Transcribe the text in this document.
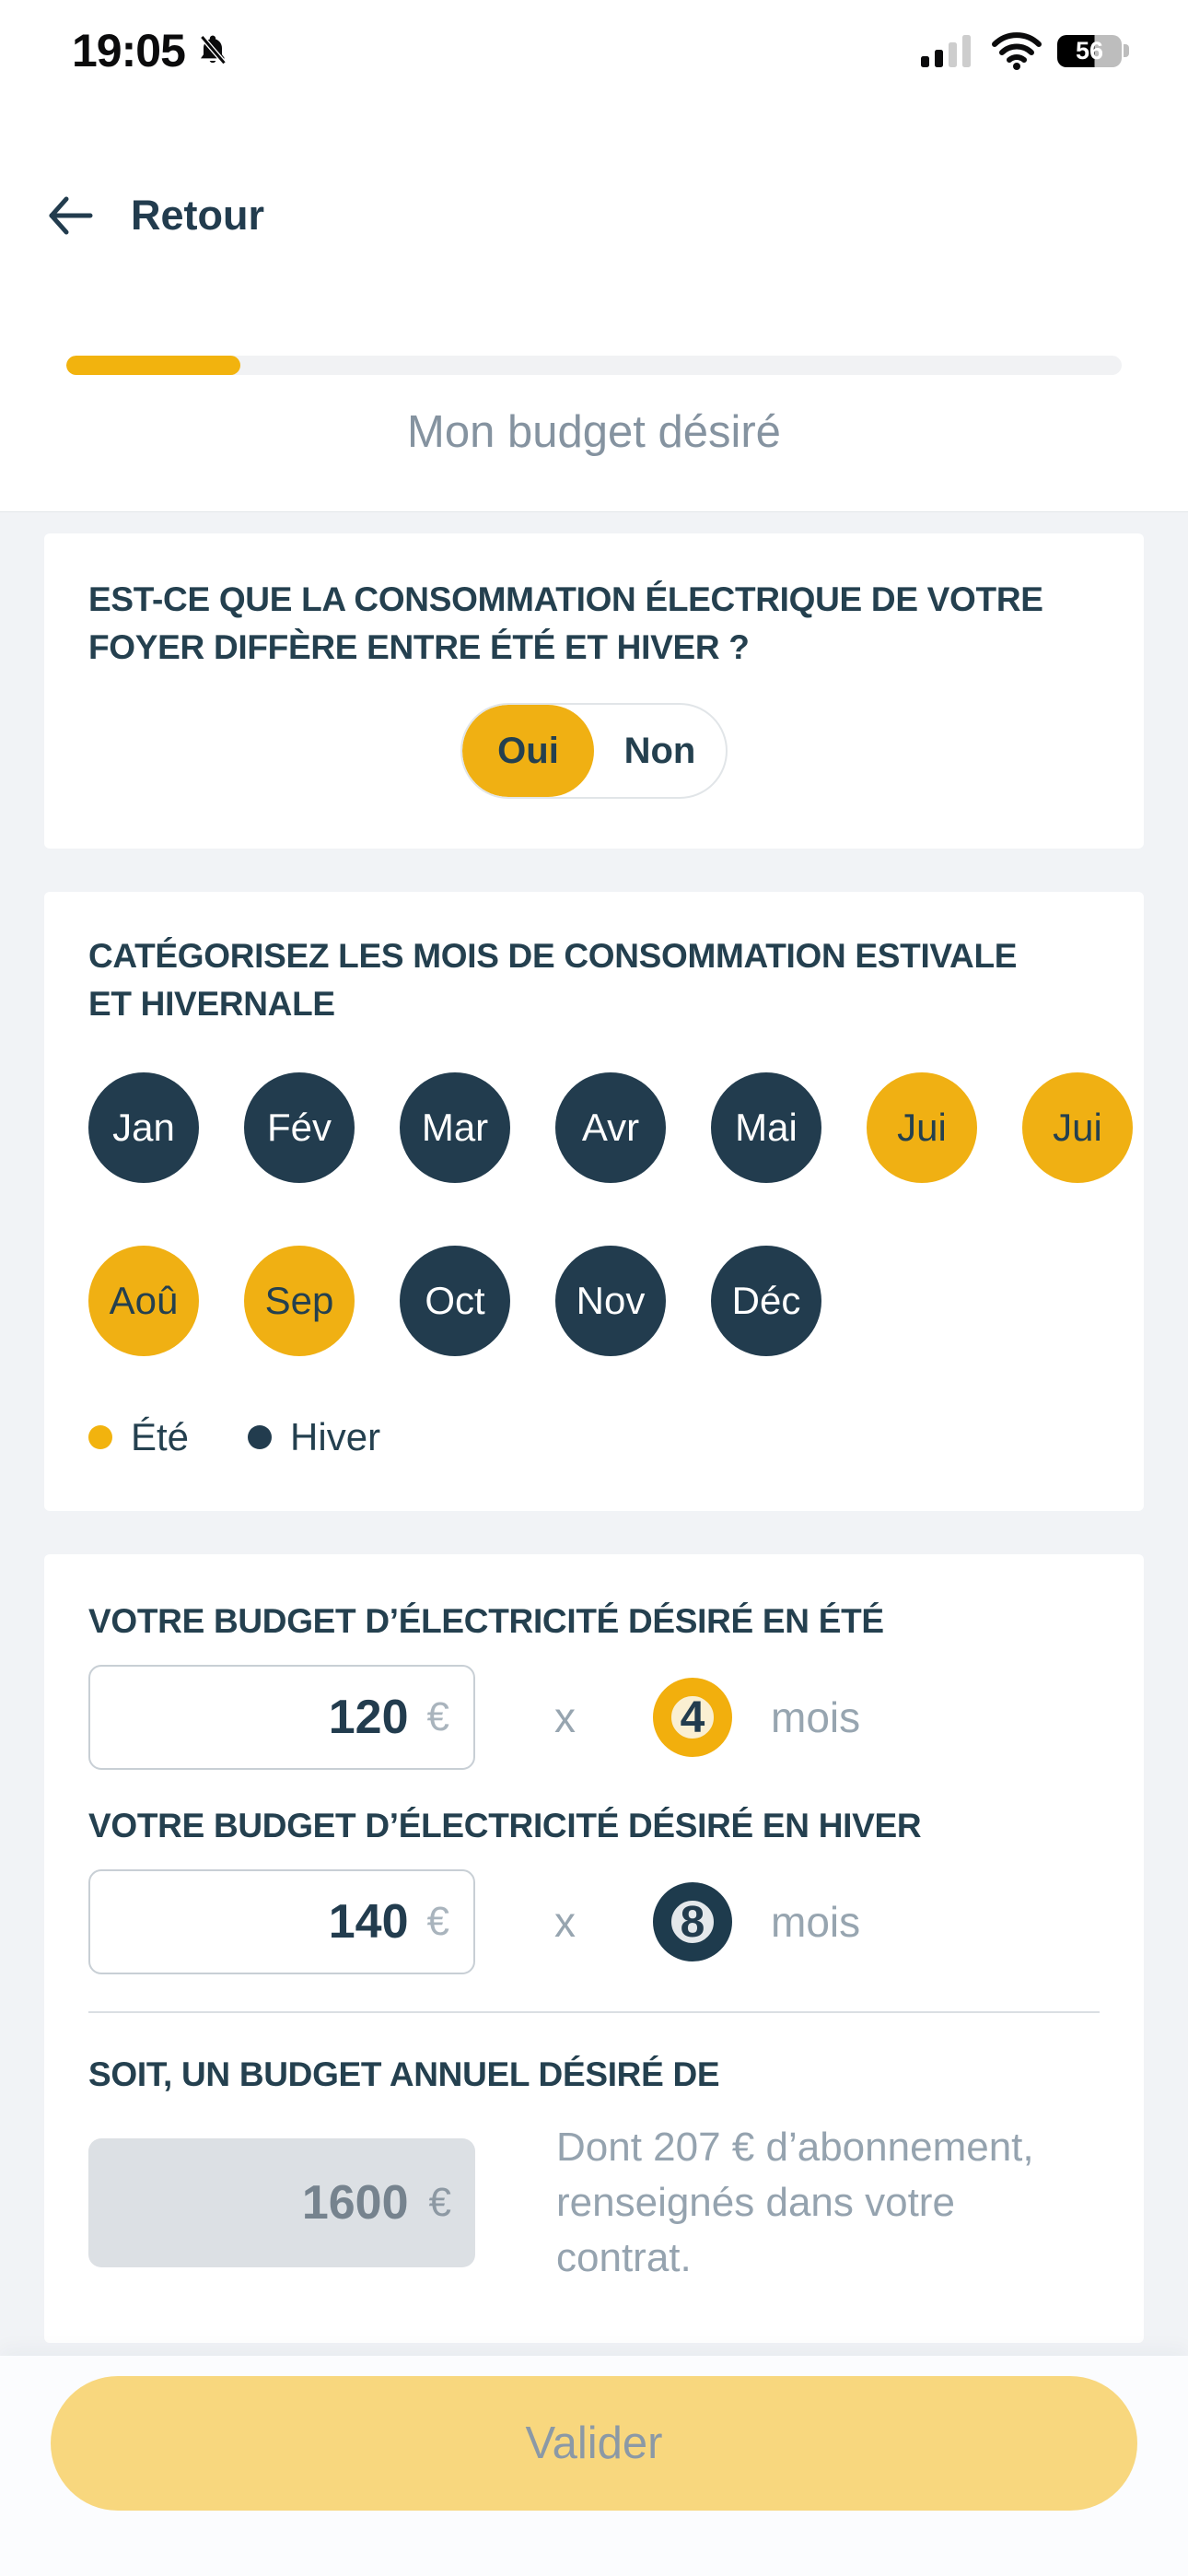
19:05	56
Retour
Mon budget désiré
EST-CE QUE LA CONSOMMATION ÉLECTRIQUE DE VOTRE FOYER DIFFÈRE ENTRE ÉTÉ ET HIVER ?
Oui	Non
CATÉGORISEZ LES MOIS DE CONSOMMATION ESTIVALE ET HIVERNALE
Jan	Fév	Mar	Avr	Mai	Jui	Jui
Aoû	Sep	Oct	Nov	Déc
Été	Hiver
VOTRE BUDGET D’ÉLECTRICITÉ DÉSIRÉ EN ÉTÉ
120
€ x	4	mois
VOTRE BUDGET D’ÉLECTRICITÉ DÉSIRÉ EN HIVER
140
€ x	8	mois
SOIT, UN BUDGET ANNUEL DÉSIRÉ DE
1600
€
Dont 207 € d’abonnement,
renseignés dans votre contrat.
Valider
